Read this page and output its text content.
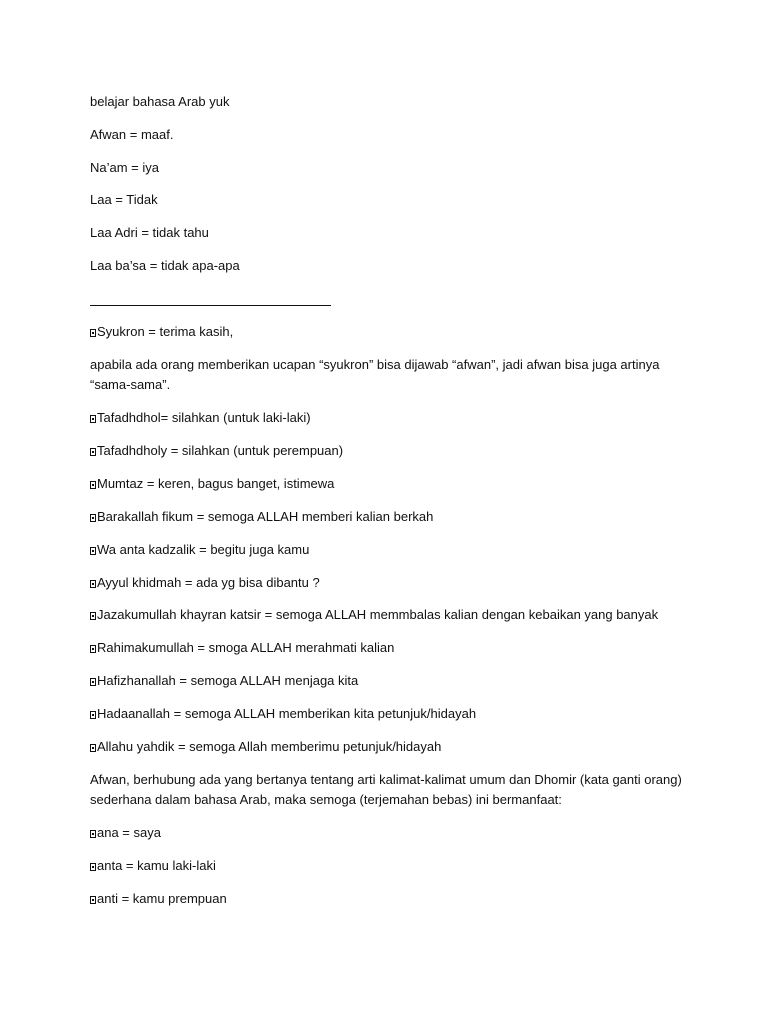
belajar bahasa Arab yuk
Afwan = maaf.
Na’am = iya
Laa = Tidak
Laa Adri = tidak tahu
Laa ba’sa = tidak apa-apa
Syukron = terima kasih,
apabila ada orang memberikan ucapan “syukron” bisa dijawab “afwan”, jadi afwan bisa juga artinya
“sama-sama”.
Tafadhdhol= silahkan (untuk laki-laki)
Tafadhdholy = silahkan (untuk perempuan)
Mumtaz = keren, bagus banget, istimewa
Barakallah fikum = semoga ALLAH memberi kalian berkah
Wa anta kadzalik = begitu juga kamu
Ayyul khidmah = ada yg bisa dibantu ?
Jazakumullah khayran katsir = semoga ALLAH memmbalas kalian dengan kebaikan yang banyak
Rahimakumullah = smoga ALLAH merahmati kalian
Hafizhanallah = semoga ALLAH menjaga kita
Hadaanallah = semoga ALLAH memberikan kita petunjuk/hidayah
Allahu yahdik = semoga Allah memberimu petunjuk/hidayah
Afwan, berhubung ada yang bertanya tentang arti kalimat-kalimat umum dan Dhomir (kata ganti orang)
sederhana dalam bahasa Arab, maka semoga (terjemahan bebas) ini bermanfaat:
ana = saya
anta = kamu laki-laki
anti = kamu prempuan
